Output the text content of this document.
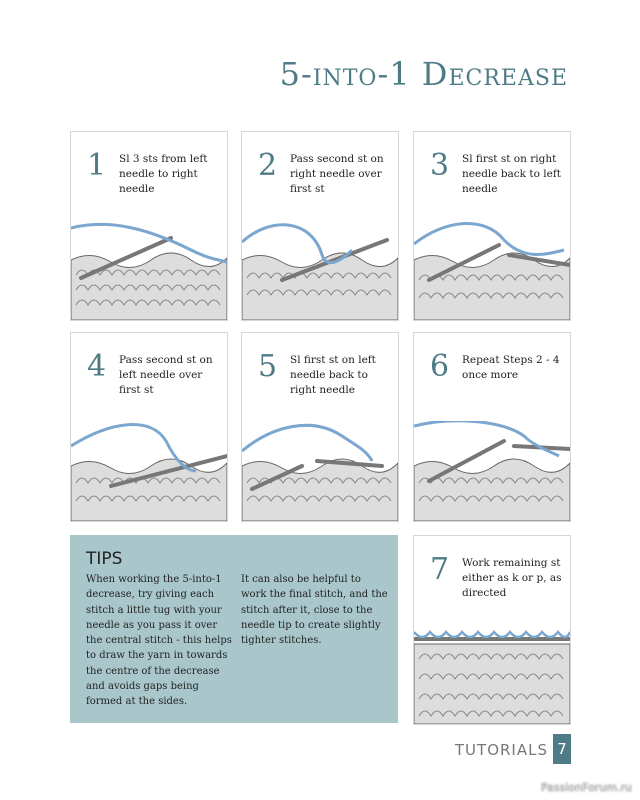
5-into-1 Decrease
1 Sl 3 sts from left needle to right needle
2 Pass second st on right needle over first st
3 Sl first st on right needle back to left needle
4 Pass second st on left needle over first st
5 Sl first st on left needle back to right needle
6 Repeat Steps 2 - 4 once more
TIPS
When working the 5-into-1 decrease, try giving each stitch a little tug with your needle as you pass it over the central stitch - this helps to draw the yarn in towards the centre of the decrease and avoids gaps being formed at the sides.
It can also be helpful to work the final stitch, and the stitch after it, close to the needle tip to create slightly tighter stitches.
7 Work remaining st either as k or p, as directed
TUTORIALS 7
PassionForum.ru
